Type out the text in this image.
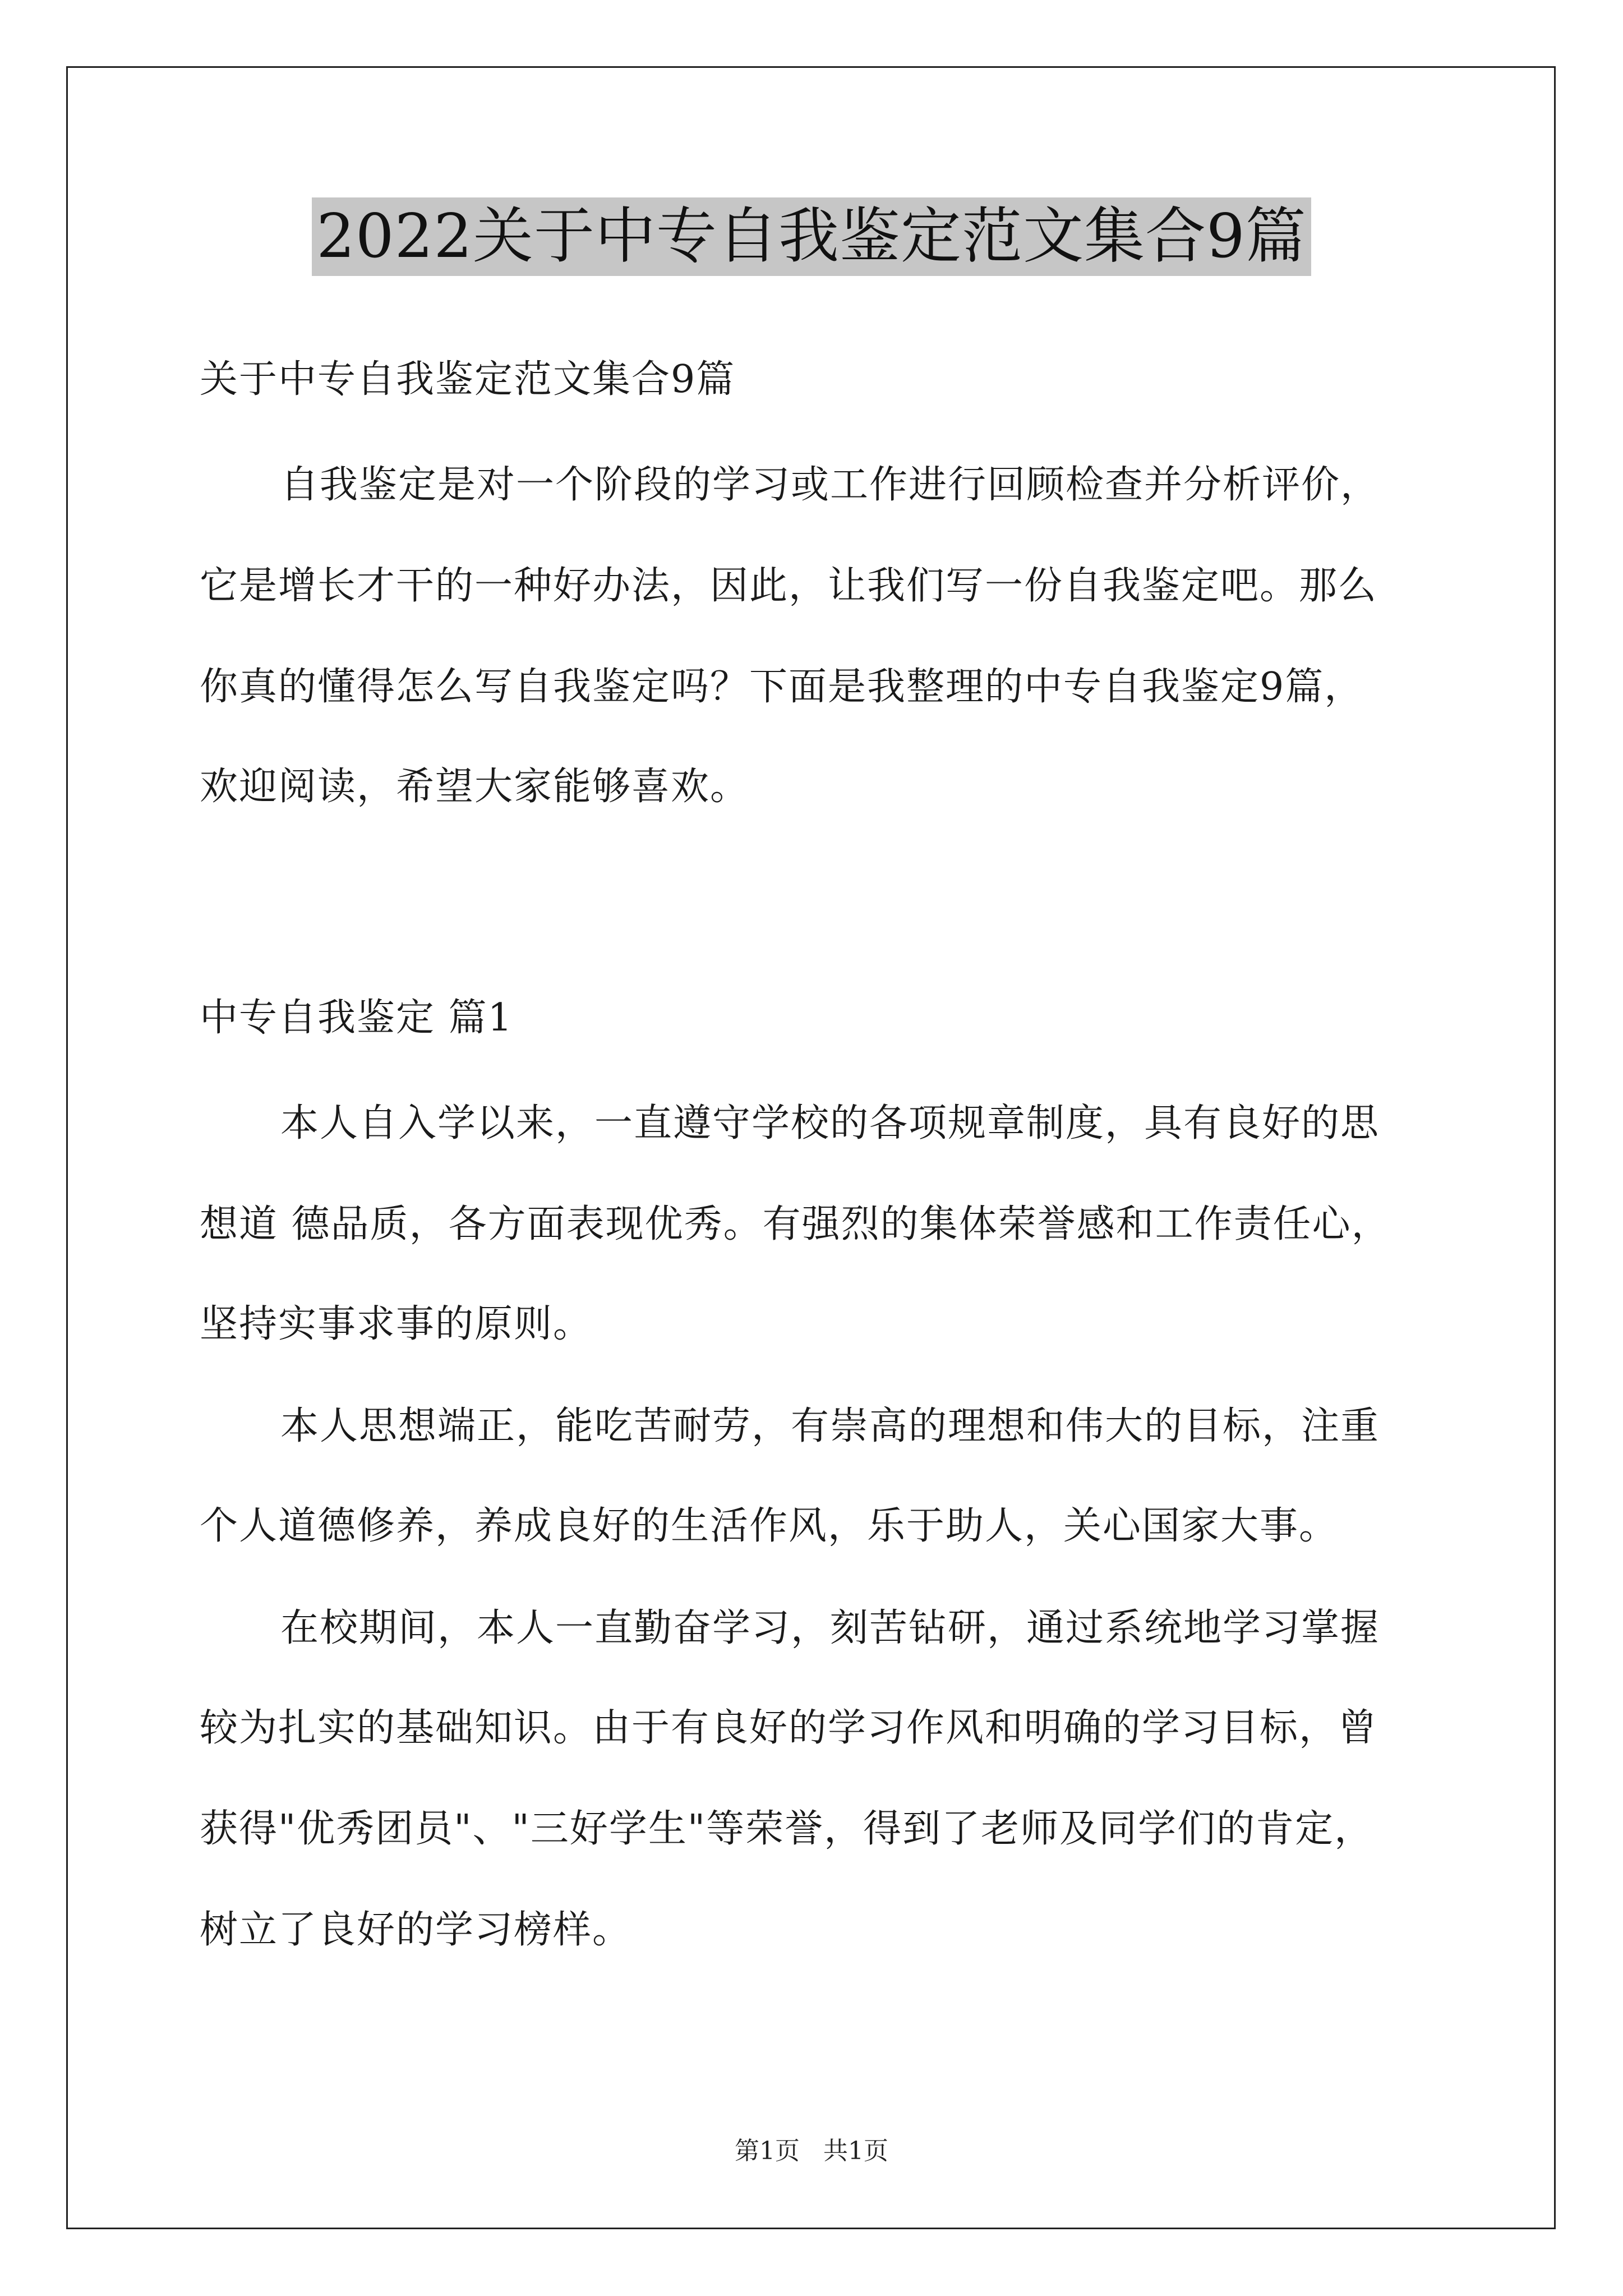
2022关于中专自我鉴定范文集合9篇
关于中专自我鉴定范文集合9篇
自我鉴定是对一个阶段的学习或工作进行回顾检查并分析评价，
它是增长才干的一种好办法，因此，让我们写一份自我鉴定吧。那么
你真的懂得怎么写自我鉴定吗？下面是我整理的中专自我鉴定9篇，
欢迎阅读，希望大家能够喜欢。
中专自我鉴定 篇1
本人自入学以来，一直遵守学校的各项规章制度，具有良好的思
想道 德品质，各方面表现优秀。有强烈的集体荣誉感和工作责任心，
坚持实事求事的原则。
本人思想端正，能吃苦耐劳，有崇高的理想和伟大的目标，注重
个人道德修养，养成良好的生活作风，乐于助人，关心国家大事。
在校期间，本人一直勤奋学习，刻苦钻研，通过系统地学习掌握
较为扎实的基础知识。由于有良好的学习作风和明确的学习目标，曾
获得"优秀团员"、"三好学生"等荣誉，得到了老师及同学们的肯定，
树立了良好的学习榜样。
第1页 共1页
